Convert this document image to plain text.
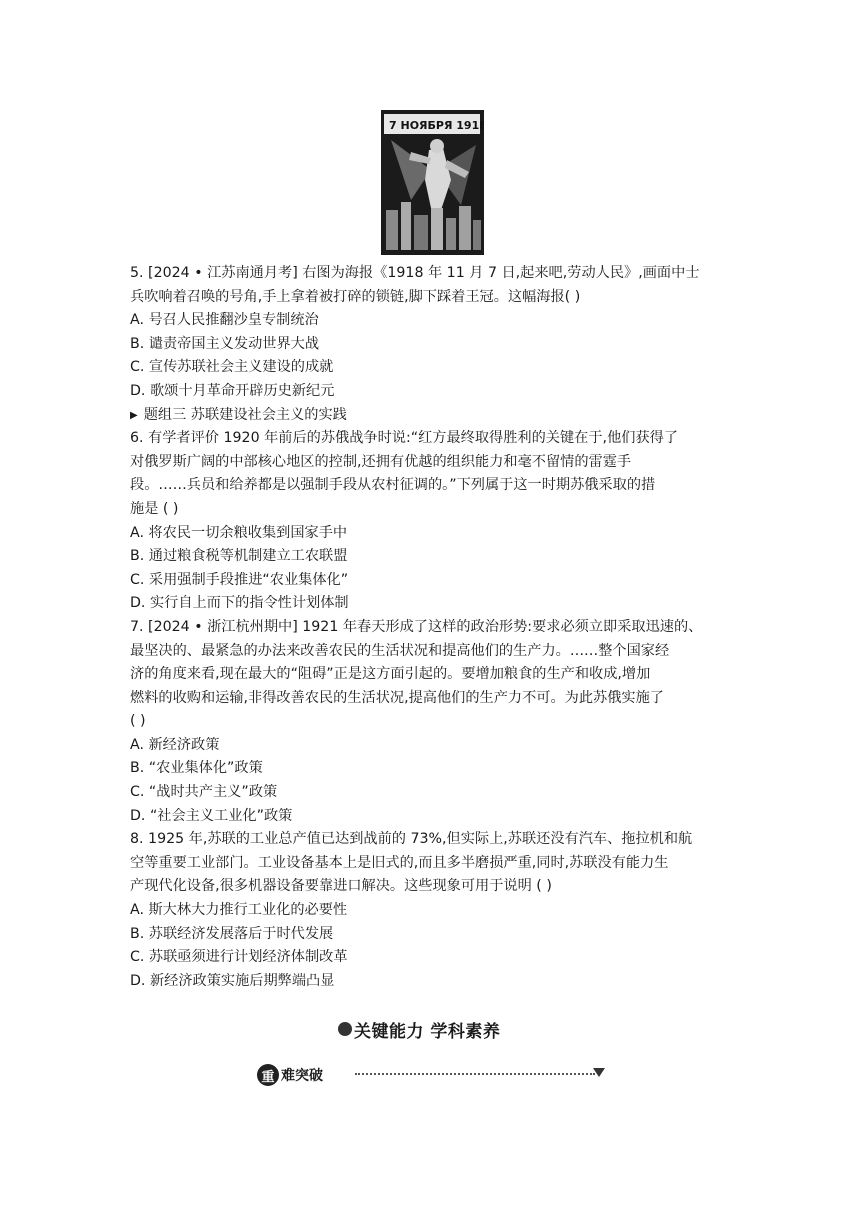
7 НОЯБРЯ 1918
5. [2024 • 江苏南通月考] 右图为海报《1918 年 11 月 7 日,起来吧,劳动人民》,画面中士
兵吹响着召唤的号角,手上拿着被打碎的锁链,脚下踩着王冠。这幅海报( )
A. 号召人民推翻沙皇专制统治
B. 谴责帝国主义发动世界大战
C. 宣传苏联社会主义建设的成就
D. 歌颂十月革命开辟历史新纪元
▶ 题组三 苏联建设社会主义的实践
6. 有学者评价 1920 年前后的苏俄战争时说:“红方最终取得胜利的关键在于,他们获得了
对俄罗斯广阔的中部核心地区的控制,还拥有优越的组织能力和毫不留情的雷霆手
段。……兵员和给养都是以强制手段从农村征调的。”下列属于这一时期苏俄采取的措
施是 ( )
A. 将农民一切余粮收集到国家手中
B. 通过粮食税等机制建立工农联盟
C. 采用强制手段推进“农业集体化”
D. 实行自上而下的指令性计划体制
7. [2024 • 浙江杭州期中] 1921 年春天形成了这样的政治形势:要求必须立即采取迅速的、
最坚决的、最紧急的办法来改善农民的生活状况和提高他们的生产力。……整个国家经
济的角度来看,现在最大的“阻碍”正是这方面引起的。要增加粮食的生产和收成,增加
燃料的收购和运输,非得改善农民的生活状况,提高他们的生产力不可。为此苏俄实施了
( )
A. 新经济政策
B. “农业集体化”政策
C. “战时共产主义”政策
D. “社会主义工业化”政策
8. 1925 年,苏联的工业总产值已达到战前的 73%,但实际上,苏联还没有汽车、拖拉机和航
空等重要工业部门。工业设备基本上是旧式的,而且多半磨损严重,同时,苏联没有能力生
产现代化设备,很多机器设备要靠进口解决。这些现象可用于说明 ( )
A. 斯大林大力推行工业化的必要性
B. 苏联经济发展落后于时代发展
C. 苏联亟须进行计划经济体制改革
D. 新经济政策实施后期弊端凸显
关键能力 学科素养
重 难突破
